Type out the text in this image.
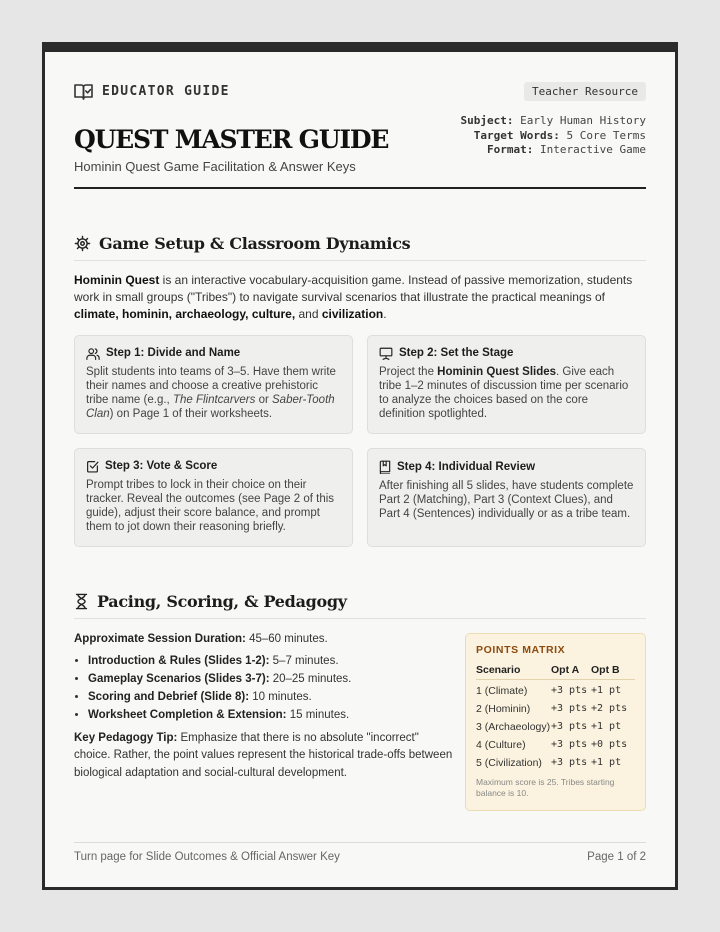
EDUCATOR GUIDE	Teacher Resource
QUEST MASTER GUIDE
Hominin Quest Game Facilitation & Answer Keys
Subject: Early Human History
Target Words: 5 Core Terms
Format: Interactive Game
Game Setup & Classroom Dynamics

Hominin Quest is an interactive vocabulary-acquisition game. Instead of passive memorization, students work in small groups ("Tribes") to navigate survival scenarios that illustrate the practical meanings of climate, hominin, archaeology, culture, and civilization.

Step 1: Divide and Name
Split students into teams of 3–5. Have them write their names and choose a creative prehistoric tribe name (e.g., The Flintcarvers or Saber-Tooth Clan) on Page 1 of their worksheets.
Step 2: Set the Stage
Project the Hominin Quest Slides. Give each tribe 1–2 minutes of discussion time per scenario to analyze the choices based on the core definition spotlighted.
Step 3: Vote & Score
Prompt tribes to lock in their choice on their tracker. Reveal the outcomes (see Page 2 of this guide), adjust their score balance, and prompt them to jot down their reasoning briefly.
Step 4: Individual Review
After finishing all 5 slides, have students complete Part 2 (Matching), Part 3 (Context Clues), and Part 4 (Sentences) individually or as a tribe team.
Pacing, Scoring, & Pedagogy
Approximate Session Duration: 45–60 minutes.
• Introduction & Rules (Slides 1-2): 5–7 minutes.
• Gameplay Scenarios (Slides 3-7): 20–25 minutes.
• Scoring and Debrief (Slide 8): 10 minutes.
• Worksheet Completion & Extension: 15 minutes.
Key Pedagogy Tip: Emphasize that there is no absolute "incorrect" choice. Rather, the point values represent the historical trade-offs between biological adaptation and social-cultural development.
POINTS MATRIX
Scenario	Opt A	Opt B
1 (Climate)	+3 pts	+1 pt
2 (Hominin)	+3 pts	+2 pts
3 (Archaeology)	+3 pts	+1 pt
4 (Culture)	+3 pts	+0 pts
5 (Civilization)	+3 pts	+1 pt
Maximum score is 25. Tribes starting balance is 10.
Turn page for Slide Outcomes & Official Answer Key	Page 1 of 2
